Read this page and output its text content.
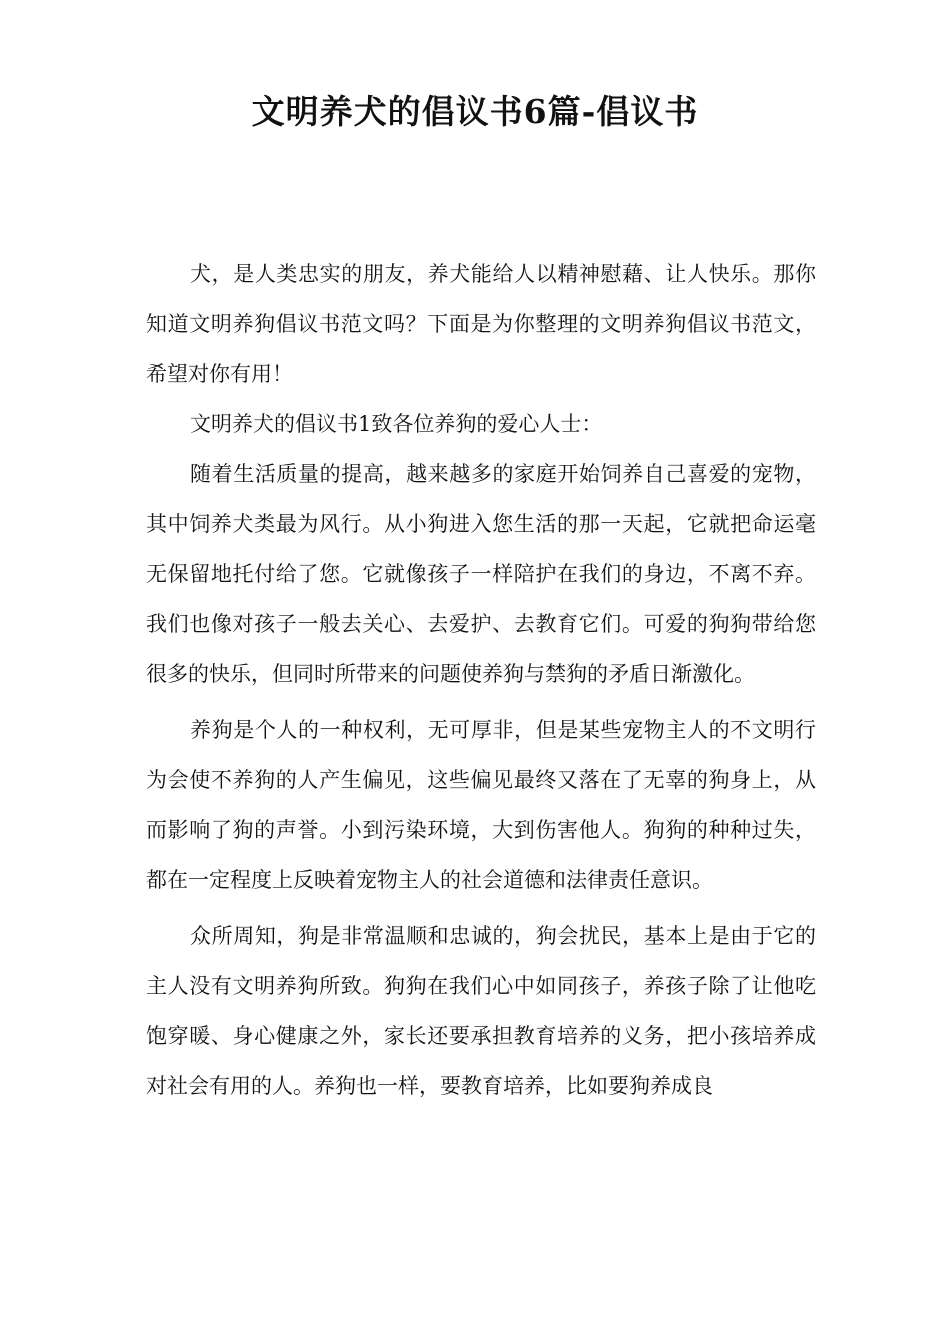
文明养犬的倡议书6篇-倡议书

犬，是人类忠实的朋友，养犬能给人以精神慰藉、让人快乐。那你知道文明养狗倡议书范文吗？下面是为你整理的文明养狗倡议书范文，希望对你有用！

文明养犬的倡议书1致各位养狗的爱心人士：

随着生活质量的提高，越来越多的家庭开始饲养自己喜爱的宠物，其中饲养犬类最为风行。从小狗进入您生活的那一天起，它就把命运毫无保留地托付给了您。它就像孩子一样陪护在我们的身边，不离不弃。我们也像对孩子一般去关心、去爱护、去教育它们。可爱的狗狗带给您很多的快乐，但同时所带来的问题使养狗与禁狗的矛盾日渐激化。

养狗是个人的一种权利，无可厚非，但是某些宠物主人的不文明行为会使不养狗的人产生偏见，这些偏见最终又落在了无辜的狗身上，从而影响了狗的声誉。小到污染环境，大到伤害他人。狗狗的种种过失，都在一定程度上反映着宠物主人的社会道德和法律责任意识。

众所周知，狗是非常温顺和忠诚的，狗会扰民，基本上是由于它的主人没有文明养狗所致。狗狗在我们心中如同孩子，养孩子除了让他吃饱穿暖、身心健康之外，家长还要承担教育培养的义务，把小孩培养成对社会有用的人。养狗也一样，要教育培养，比如要狗养成良
